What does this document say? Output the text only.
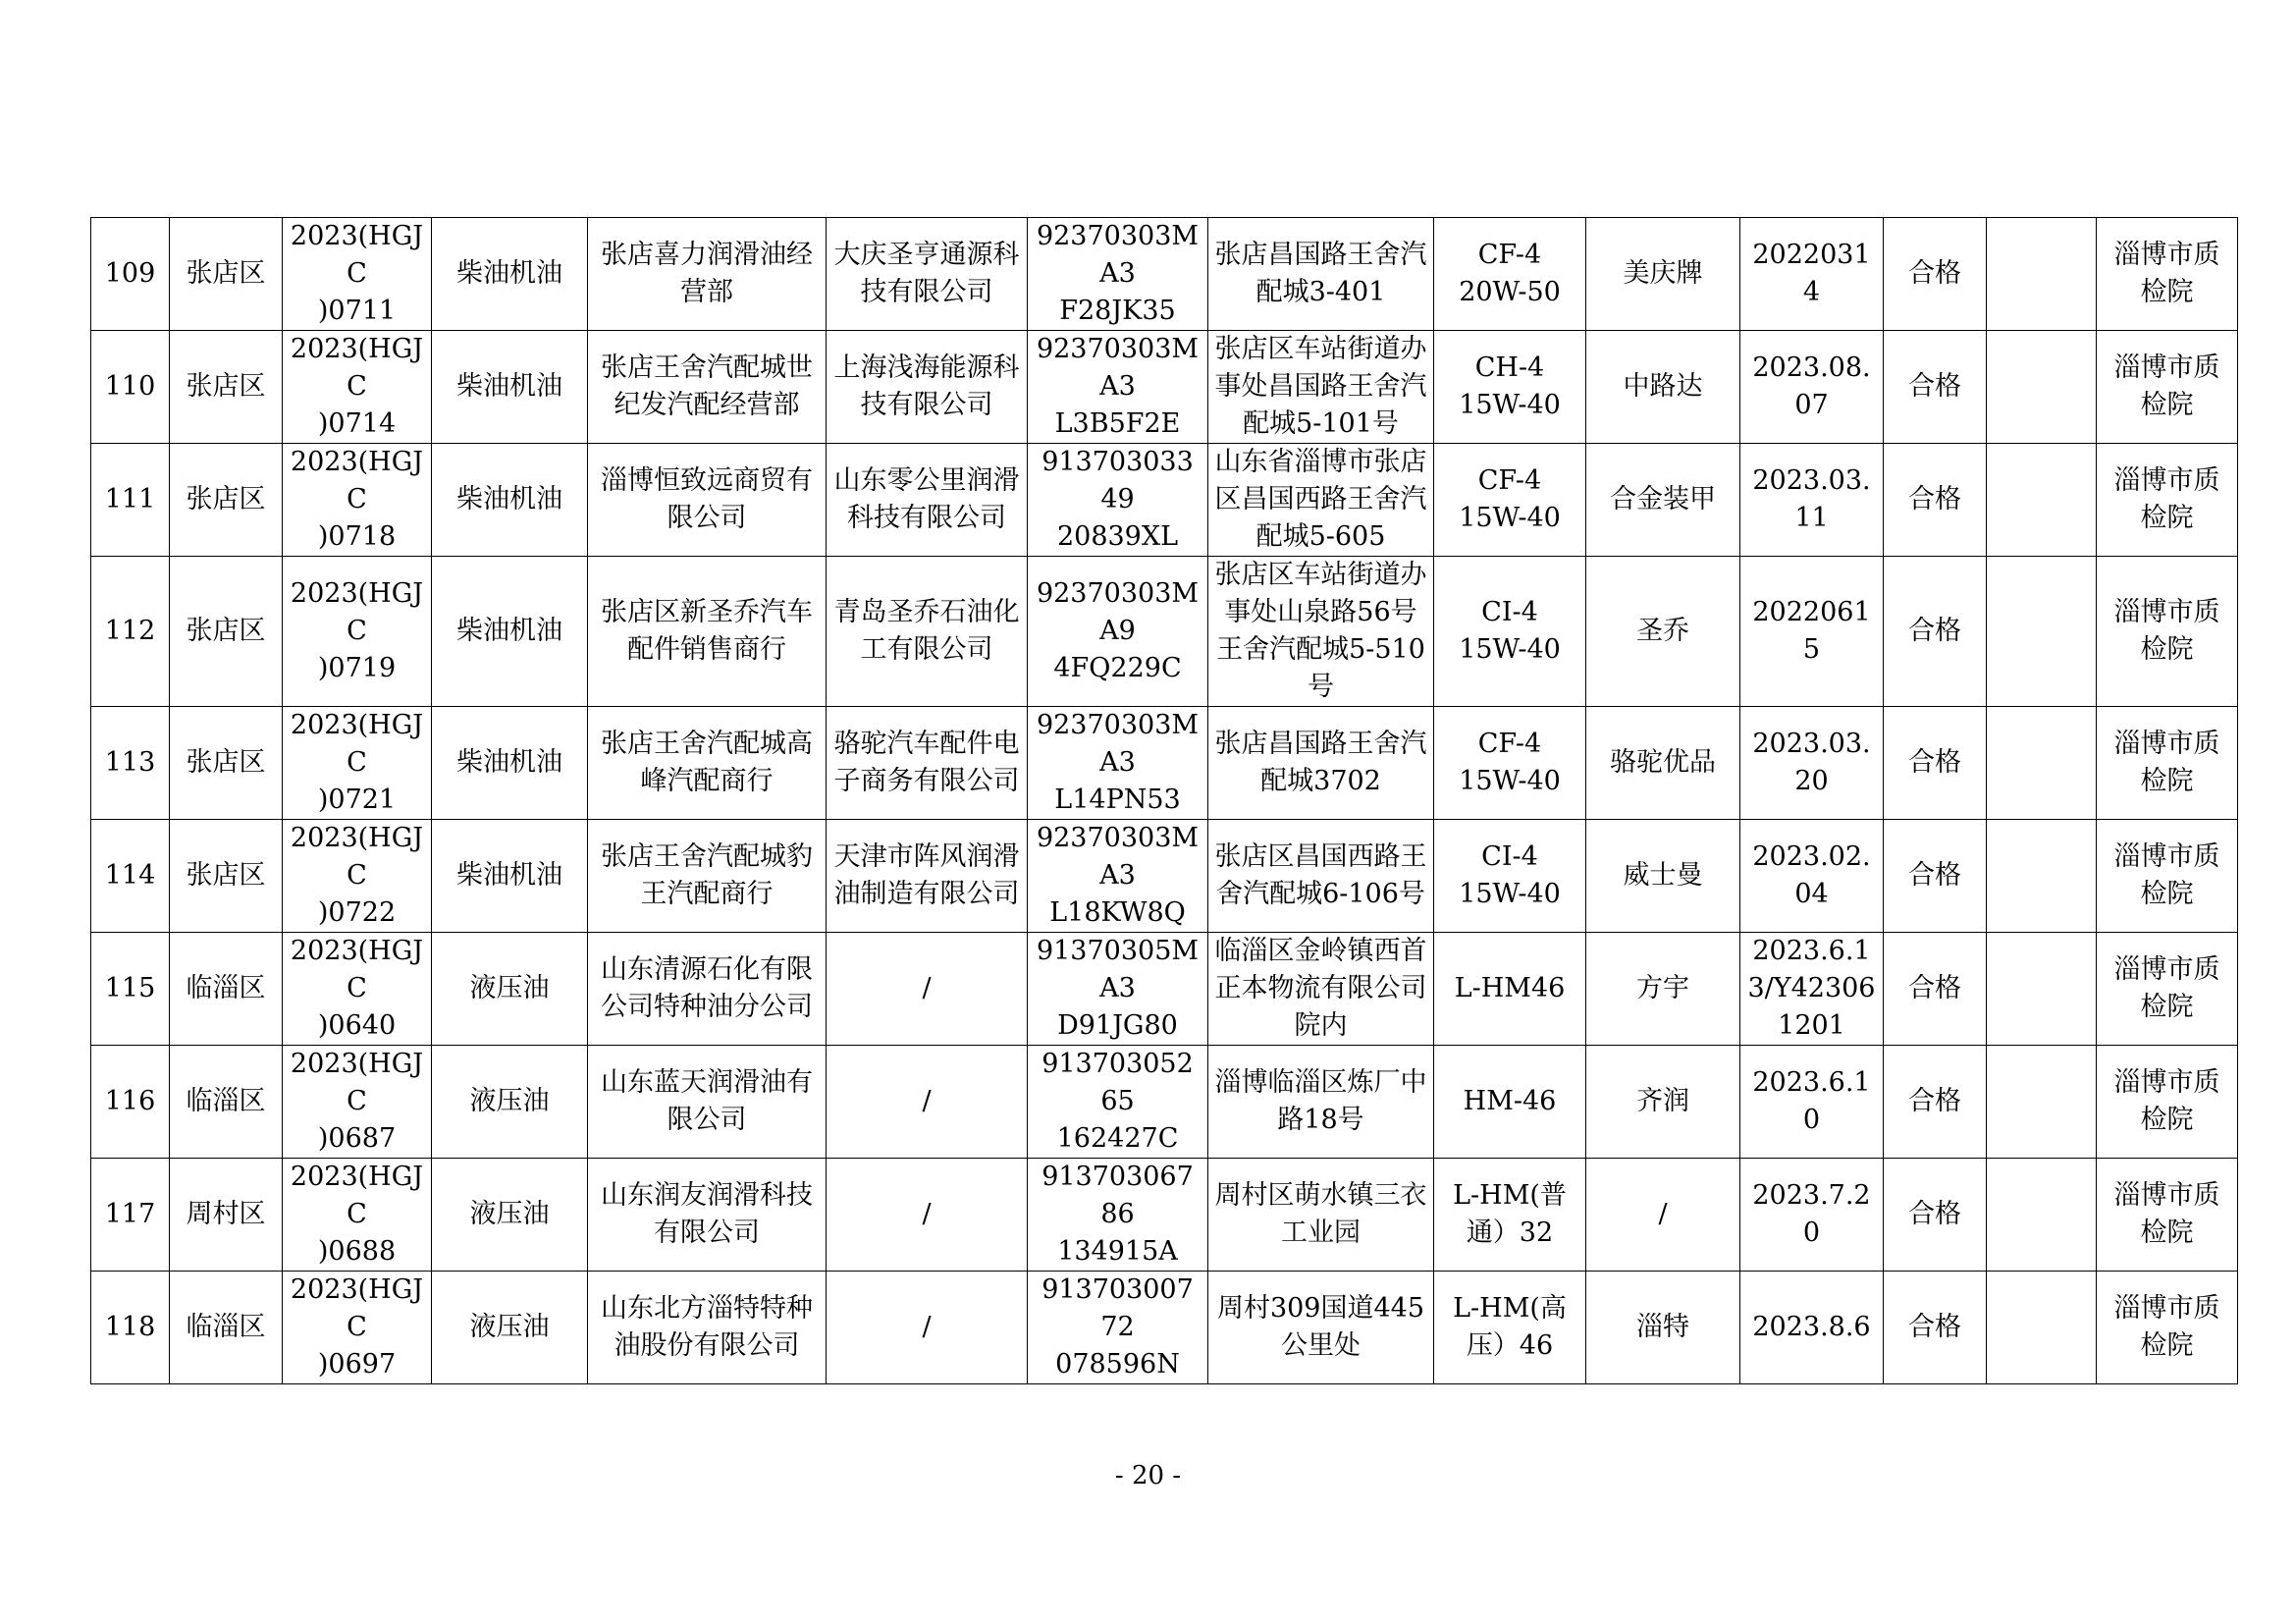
109	张店区	2023(HGJC
)0711	柴油机油	张店喜力润滑油经营部	大庆圣亨通源科技有限公司	92370303MA3
F28JK35	张店昌国路王舍汽配城3-401	CF-4
20W-50	美庆牌	20220314	合格		淄博市质检院
110	张店区	2023(HGJC
)0714	柴油机油	张店王舍汽配城世纪发汽配经营部	上海浅海能源科技有限公司	92370303MA3
L3B5F2E	张店区车站街道办事处昌国路王舍汽配城5-101号	CH-4
15W-40	中路达	2023.08.
07	合格		淄博市质检院
111	张店区	2023(HGJC
)0718	柴油机油	淄博恒致远商贸有限公司	山东零公里润滑科技有限公司	91370303349
20839XL	山东省淄博市张店区昌国西路王舍汽配城5-605	CF-4
15W-40	合金装甲	2023.03.
11	合格		淄博市质检院
112	张店区	2023(HGJC
)0719	柴油机油	张店区新圣乔汽车配件销售商行	青岛圣乔石油化工有限公司	92370303MA9
4FQ229C	张店区车站街道办事处山泉路56号王舍汽配城5-510号	CI-4
15W-40	圣乔	20220615	合格		淄博市质检院
113	张店区	2023(HGJC
)0721	柴油机油	张店王舍汽配城高峰汽配商行	骆驼汽车配件电子商务有限公司	92370303MA3
L14PN53	张店昌国路王舍汽配城3702	CF-4
15W-40	骆驼优品	2023.03.
20	合格		淄博市质检院
114	张店区	2023(HGJC
)0722	柴油机油	张店王舍汽配城豹王汽配商行	天津市阵风润滑油制造有限公司	92370303MA3
L18KW8Q	张店区昌国西路王舍汽配城6-106号	CI-4
15W-40	威士曼	2023.02.
04	合格		淄博市质检院
115	临淄区	2023(HGJC
)0640	液压油	山东清源石化有限公司特种油分公司	/	91370305MA3
D91JG80	临淄区金岭镇西首正本物流有限公司院内	L-HM46	方宇	2023.6.1
3/Y42306
1201	合格		淄博市质检院
116	临淄区	2023(HGJC
)0687	液压油	山东蓝天润滑油有限公司	/	91370305265
162427C	淄博临淄区炼厂中路18号	HM-46	齐润	2023.6.1
0	合格		淄博市质检院
117	周村区	2023(HGJC
)0688	液压油	山东润友润滑科技有限公司	/	91370306786
134915A	周村区萌水镇三衣工业园	L-HM(普
通）32	/	2023.7.2
0	合格		淄博市质检院
118	临淄区	2023(HGJC
)0697	液压油	山东北方淄特特种油股份有限公司	/	91370300772
078596N	周村309国道445公里处	L-HM(高
压）46	淄特	2023.8.6	合格		淄博市质检院
- 20 -
